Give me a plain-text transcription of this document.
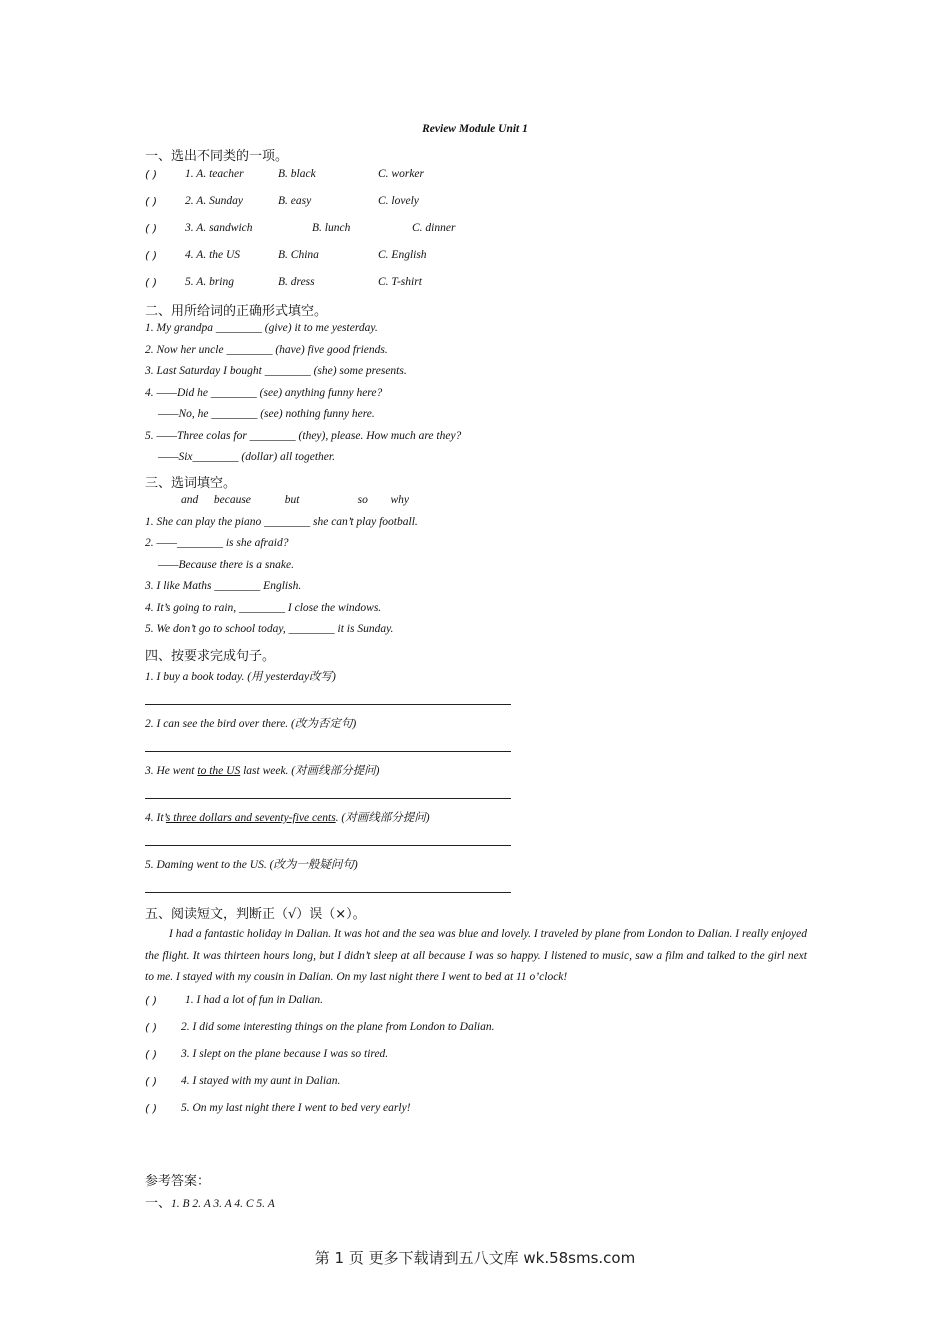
Review Module Unit 1
一、选出不同类的一项。
( ) 1. A. teacher	B. black	C. worker
( ) 2. A. Sunday	B. easy	C. lovely
( ) 3. A. sandwich	B. lunch	C. dinner
( ) 4. A. the US	B. China	C. English
( ) 5. A. bring	B. dress	C. T-shirt
二、用所给词的正确形式填空。
1. My grandpa ________ (give) it to me yesterday.
2. Now her uncle ________ (have) five good friends.
3. Last Saturday I bought ________ (she) some presents.
4. ——Did he ________ (see) anything funny here?
——No, he ________ (see) nothing funny here.
5. ——Three colas for ________ (they), please. How much are they?
——Six________ (dollar) all together.
三、选词填空。
and because	but	so why
1. She can play the piano ________ she can’t play football.
2. ——________ is she afraid?
——Because there is a snake.
3. I like Maths ________ English.
4. It’s going to rain, ________ I close the windows.
5. We don’t go to school today, ________ it is Sunday.
四、按要求完成句子。
1. I buy a book today. (用 yesterday改写)
2. I can see the bird over there. (改为否定句)
3. He went to the US last week. (对画线部分提问)
4. It’s three dollars and seventy-five cents. (对画线部分提问)
5. Daming went to the US. (改为一般疑问句)
五、阅读短文，判断正（√）误（×）。
I had a fantastic holiday in Dalian. It was hot and the sea was blue and lovely. I traveled by plane from London to Dalian. I really enjoyed the flight. It was thirteen hours long, but I didn’t sleep at all because I was so happy. I listened to music, saw a film and talked to the girl next to me. I stayed with my cousin in Dalian. On my last night there I went to bed at 11 o’clock!
( ) 1. I had a lot of fun in Dalian.
( ) 2. I did some interesting things on the plane from London to Dalian.
( ) 3. I slept on the plane because I was so tired.
( ) 4. I stayed with my aunt in Dalian.
( ) 5. On my last night there I went to bed very early!
参考答案：
一、1. B 2. A 3. A 4. C 5. A
第 1 页 更多下载请到五八文库 wk.58sms.com
